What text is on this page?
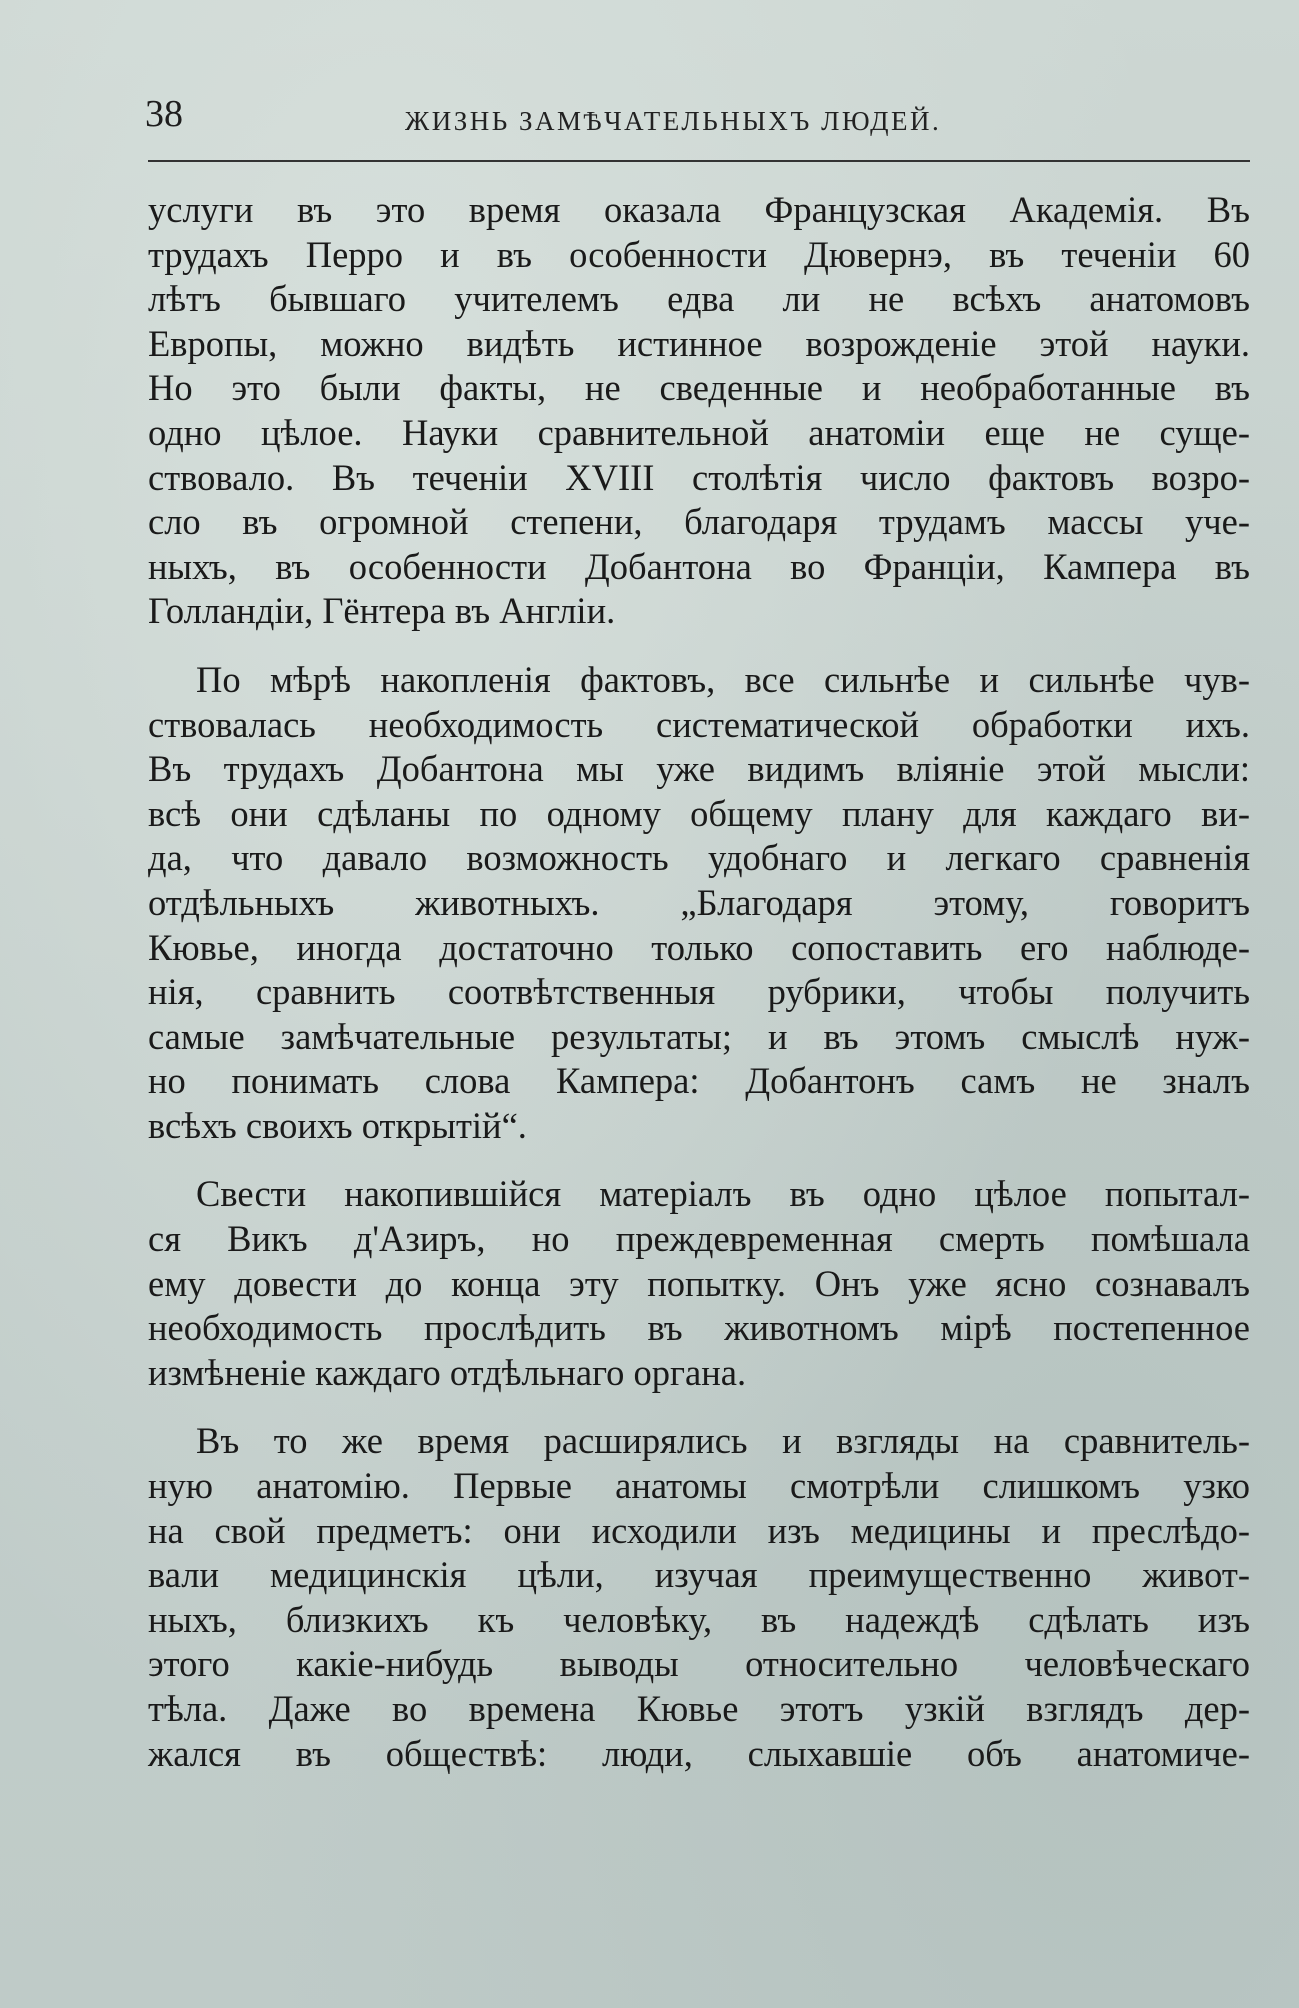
38	ЖИЗНЬ ЗАМѢЧАТЕЛЬНЫХЪ ЛЮДЕЙ.

услуги въ это время оказала Французская Академія. Въ

трудахъ Перро и въ особенности Дювернэ, въ теченіи 60

лѣтъ бывшаго учителемъ едва ли не всѣхъ анатомовъ

Европы, можно видѣть истинное возрожденіе этой науки.

Но это были факты, не сведенные и необработанные въ

одно цѣлое. Науки сравнительной анатоміи еще не суще-

ствовало. Въ теченіи XVIII столѣтія число фактовъ возро-

сло въ огромной степени, благодаря трудамъ массы уче-

ныхъ, въ особенности Добантона во Франціи, Кампера въ

Голландіи, Гёнтера въ Англіи.

По мѣрѣ накопленія фактовъ, все сильнѣе и сильнѣе чув-

ствовалась необходимость систематической обработки ихъ.

Въ трудахъ Добантона мы уже видимъ вліяніе этой мысли:

всѣ они сдѣланы по одному общему плану для каждаго ви-

да, что давало возможность удобнаго и легкаго сравненія

отдѣльныхъ животныхъ. „Благодаря этому, говоритъ

Кювье, иногда достаточно только сопоставить его наблюде-

нія, сравнить соотвѣтственныя рубрики, чтобы получить

самые замѣчательные результаты; и въ этомъ смыслѣ нуж-

но понимать слова Кампера: Добантонъ самъ не зналъ

всѣхъ своихъ открытій“.

Свести накопившійся матеріалъ въ одно цѣлое попытал-

ся Викъ д'Азиръ, но преждевременная смерть помѣшала

ему довести до конца эту попытку. Онъ уже ясно сознавалъ

необходимость прослѣдить въ животномъ мірѣ постепенное

измѣненіе каждаго отдѣльнаго органа.

Въ то же время расширялись и взгляды на сравнитель-

ную анатомію. Первые анатомы смотрѣли слишкомъ узко

на свой предметъ: они исходили изъ медицины и преслѣдо-

вали медицинскія цѣли, изучая преимущественно живот-

ныхъ, близкихъ къ человѣку, въ надеждѣ сдѣлать изъ

этого какіе-нибудь выводы относительно человѣческаго

тѣла. Даже во времена Кювье этотъ узкій взглядъ дер-

жался въ обществѣ: люди, слыхавшіе объ анатомиче-
